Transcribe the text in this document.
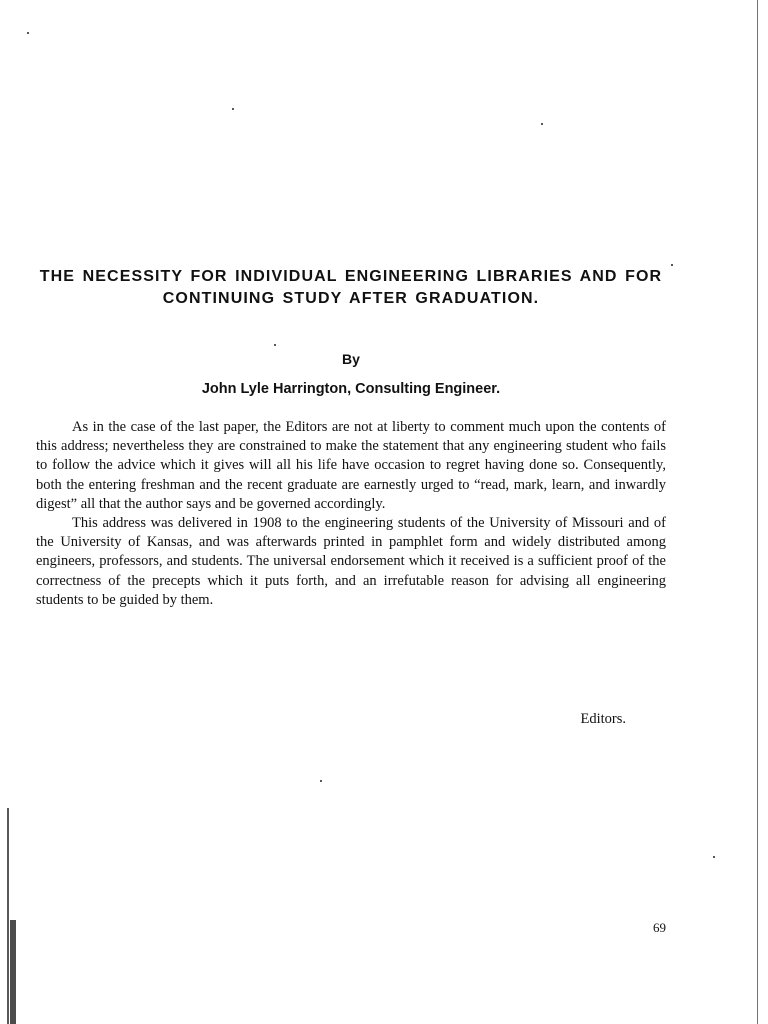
THE NECESSITY FOR INDIVIDUAL ENGINEERING LIBRARIES AND FOR CONTINUING STUDY AFTER GRADUATION.
By
John Lyle Harrington, Consulting Engineer.

As in the case of the last paper, the Editors are not at liberty to comment much upon the contents of this address; nevertheless they are constrained to make the statement that any engineering student who fails to follow the advice which it gives will all his life have occasion to regret having done so. Consequently, both the entering freshman and the recent graduate are earnestly urged to “read, mark, learn, and inwardly digest” all that the author says and be governed accordingly.

This address was delivered in 1908 to the engineering students of the University of Missouri and of the University of Kansas, and was afterwards printed in pamphlet form and widely distributed among engineers, professors, and students. The universal endorsement which it received is a sufficient proof of the correctness of the precepts which it puts forth, and an irrefutable reason for advising all engineering students to be guided by them.

Editors.
69
